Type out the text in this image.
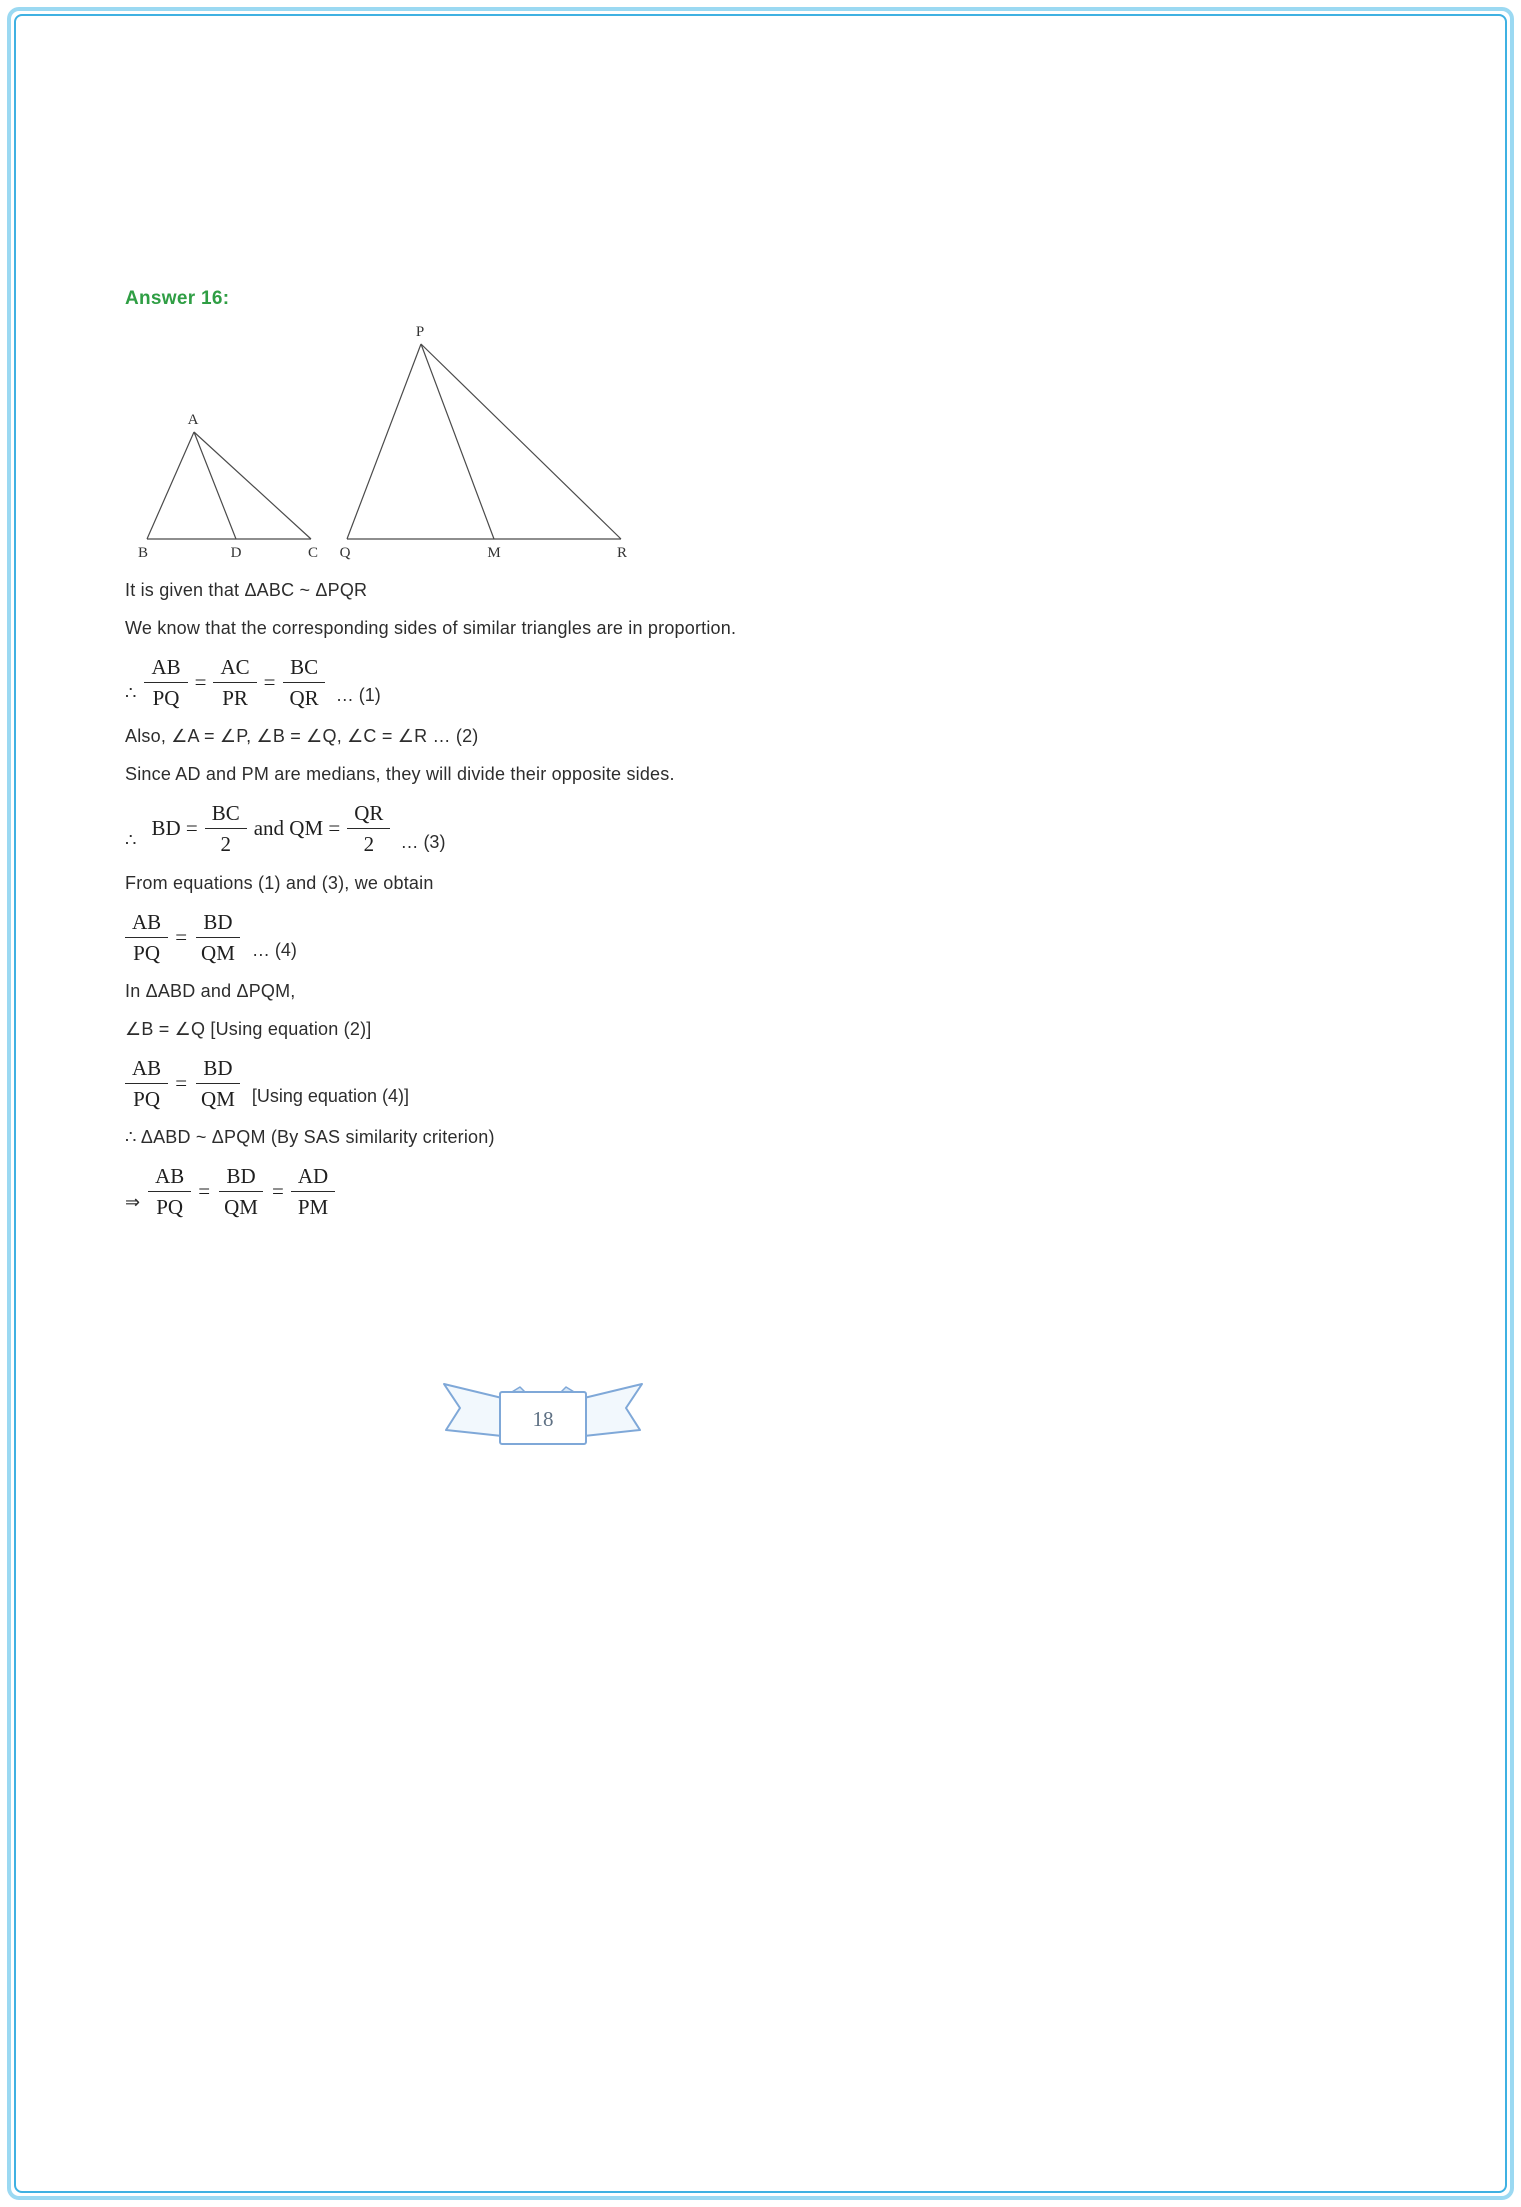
Answer 16:
A
B	D	C
P
Q	M	R

It is given that ΔABC ~ ΔPQR

We know that the corresponding sides of similar triangles are in proportion.

∴ $\frac{AB}{PQ} = \frac{AC}{PR} = \frac{BC}{QR}$ … (1)

Also, ∠A = ∠P, ∠B = ∠Q, ∠C = ∠R … (2)

Since AD and PM are medians, they will divide their opposite sides.

∴ BD = $\frac{BC}{2}$ and QM = $\frac{QR}{2}$ … (3)

From equations (1) and (3), we obtain

$\frac{AB}{PQ} = \frac{BD}{QM}$ … (4)

In ΔABD and ΔPQM,

∠B = ∠Q [Using equation (2)]

$\frac{AB}{PQ} = \frac{BD}{QM} [Using$ equation (4)]

∴ ΔABD ~ ΔPQM (By SAS similarity criterion)

⇒ $\frac{AB}{PQ} = \frac{BD}{QM} = \frac{AD}{PM}$
18
